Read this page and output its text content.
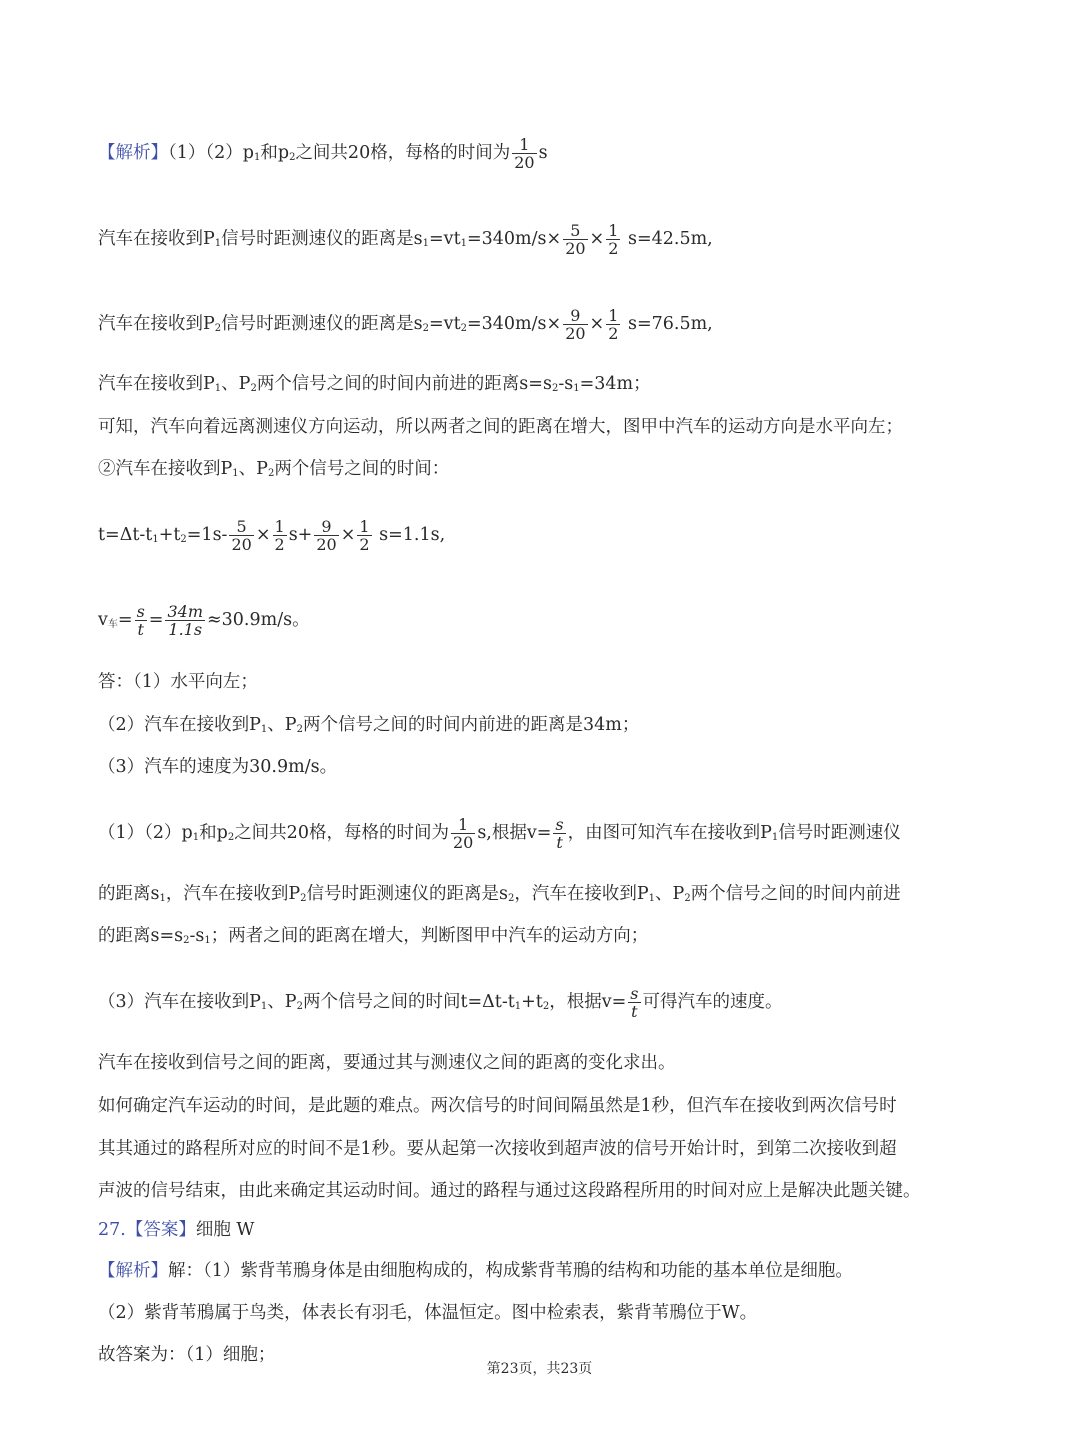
【解析】$(1)(2)p_1$和$p_2$之间共20格，每格的时间为 $\frac{1}{20}$ s
汽车在接收到$P_1$信号时距测速仪的距离是$s_1=vt_1=340m/s\times \frac{5}{20} \times \frac{1}{2} s=42.5m$,
汽车在接收到$P_2$信号时距测速仪的距离是$s_2=vt_2=340m/s\times \frac{9}{20} \times \frac{1}{2} s=76.5m$,
汽车在接收到$P_1$、$P_2$两个信号之间的时间内前进的距离$s=s_2-s_1=34m$；
可知，汽车向着远离测速仪方向运动，所以两者之间的距离在增大，图甲中汽车的运动方向是水平向左；
②汽车在接收到$P_1$、$P_2$两个信号之间的时间：
$t=\Delta t-t_1+t_2=1s- \frac{5}{20} \times \frac{1}{2} s+ \frac{9}{20} \times \frac{1}{2} s=1.1s$,
$v_车= \frac{s}{t} = \frac{34m}{1.1s} \approx 30.9m/s$。
答：（1）水平向左；
（2）汽车在接收到$P_1$、$P_2$两个信号之间的时间内前进的距离是34m；
（3）汽车的速度为30.9m/s。
$(1)(2)p_1$和$p_2$之间共20格，每格的时间为 $\frac{1}{20} s$,根据$v= \frac{s}{t}$ ，由图可知汽车在接收到$P_1$信号时距测速仪
的距离$s_1$，汽车在接收到$P_2$信号时距测速仪的距离是$s_2$，汽车在接收到$P_1$、$P_2$两个信号之间的时间内前进
的距离$s=s_2-s_1$；两者之间的距离在增大，判断图甲中汽车的运动方向；
（3）汽车在接收到$P_1$、$P_2$两个信号之间的时间$t=\Delta t-t_1+t_2$，根据$v= \frac{s}{t}$ 可得汽车的速度。
汽车在接收到信号之间的距离，要通过其与测速仪之间的距离的变化求出。
如何确定汽车运动的时间，是此题的难点。两次信号的时间间隔虽然是1秒，但汽车在接收到两次信号时
其其通过的路程所对应的时间不是1秒。要从起第一次接收到超声波的信号开始计时，到第二次接收到超
声波的信号结束，由此来确定其运动时间。通过的路程与通过这段路程所用的时间对应上是解决此题关键。
27.【答案】细胞 W
【解析】解：（1）紫背苇鳽身体是由细胞构成的，构成紫背苇鳽的结构和功能的基本单位是细胞。
（2）紫背苇鳽属于鸟类，体表长有羽毛，体温恒定。图中检索表，紫背苇鳽位于W。
故答案为：（1）细胞；
第23页，共23页
